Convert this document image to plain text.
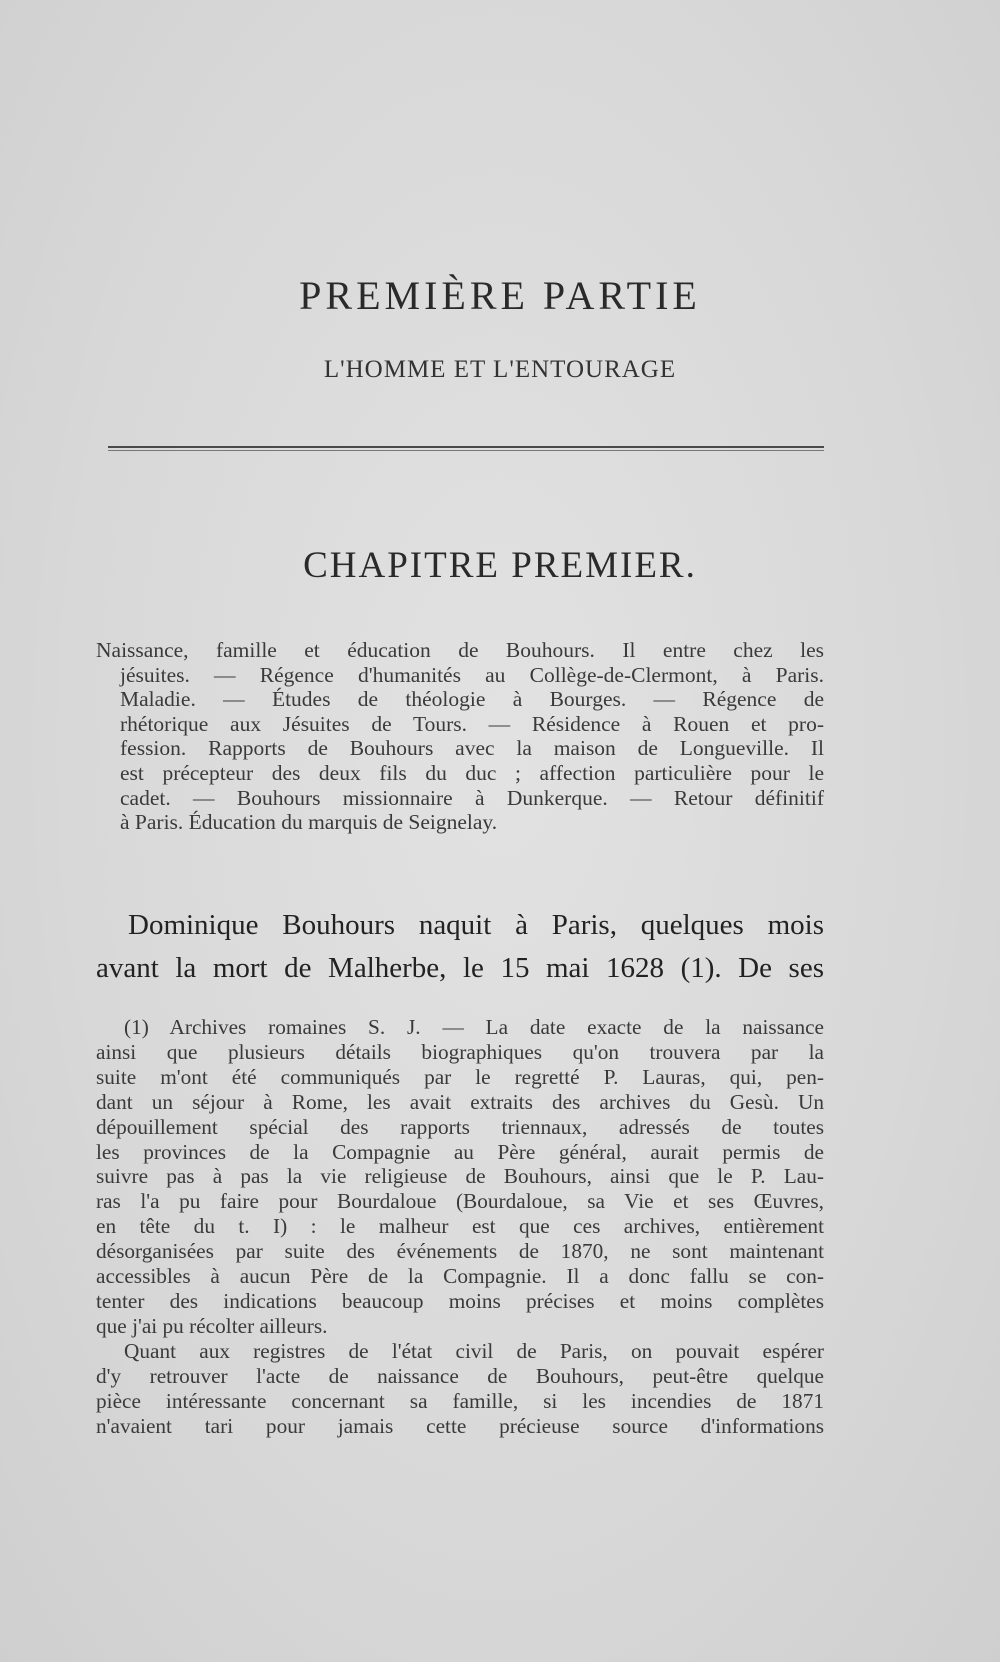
PREMIÈRE PARTIE
L'HOMME ET L'ENTOURAGE
CHAPITRE PREMIER.
Naissance, famille et éducation de Bouhours. Il entre chez les
jésuites. — Régence d'humanités au Collège-de-Clermont, à Paris.
Maladie. — Études de théologie à Bourges. — Régence de
rhétorique aux Jésuites de Tours. — Résidence à Rouen et pro-
fession. Rapports de Bouhours avec la maison de Longueville. Il
est précepteur des deux fils du duc ; affection particulière pour le
cadet. — Bouhours missionnaire à Dunkerque. — Retour définitif
à Paris. Éducation du marquis de Seignelay.
Dominique Bouhours naquit à Paris, quelques mois
avant la mort de Malherbe, le 15 mai 1628 (1). De ses
(1) Archives romaines S. J. — La date exacte de la naissance
ainsi que plusieurs détails biographiques qu'on trouvera par la
suite m'ont été communiqués par le regretté P. Lauras, qui, pen-
dant un séjour à Rome, les avait extraits des archives du Gesù. Un
dépouillement spécial des rapports triennaux, adressés de toutes
les provinces de la Compagnie au Père général, aurait permis de
suivre pas à pas la vie religieuse de Bouhours, ainsi que le P. Lau-
ras l'a pu faire pour Bourdaloue (Bourdaloue, sa Vie et ses Œuvres,
en tête du t. I) : le malheur est que ces archives, entièrement
désorganisées par suite des événements de 1870, ne sont maintenant
accessibles à aucun Père de la Compagnie. Il a donc fallu se con-
tenter des indications beaucoup moins précises et moins complètes
que j'ai pu récolter ailleurs.
Quant aux registres de l'état civil de Paris, on pouvait espérer
d'y retrouver l'acte de naissance de Bouhours, peut-être quelque
pièce intéressante concernant sa famille, si les incendies de 1871
n'avaient tari pour jamais cette précieuse source d'informations
